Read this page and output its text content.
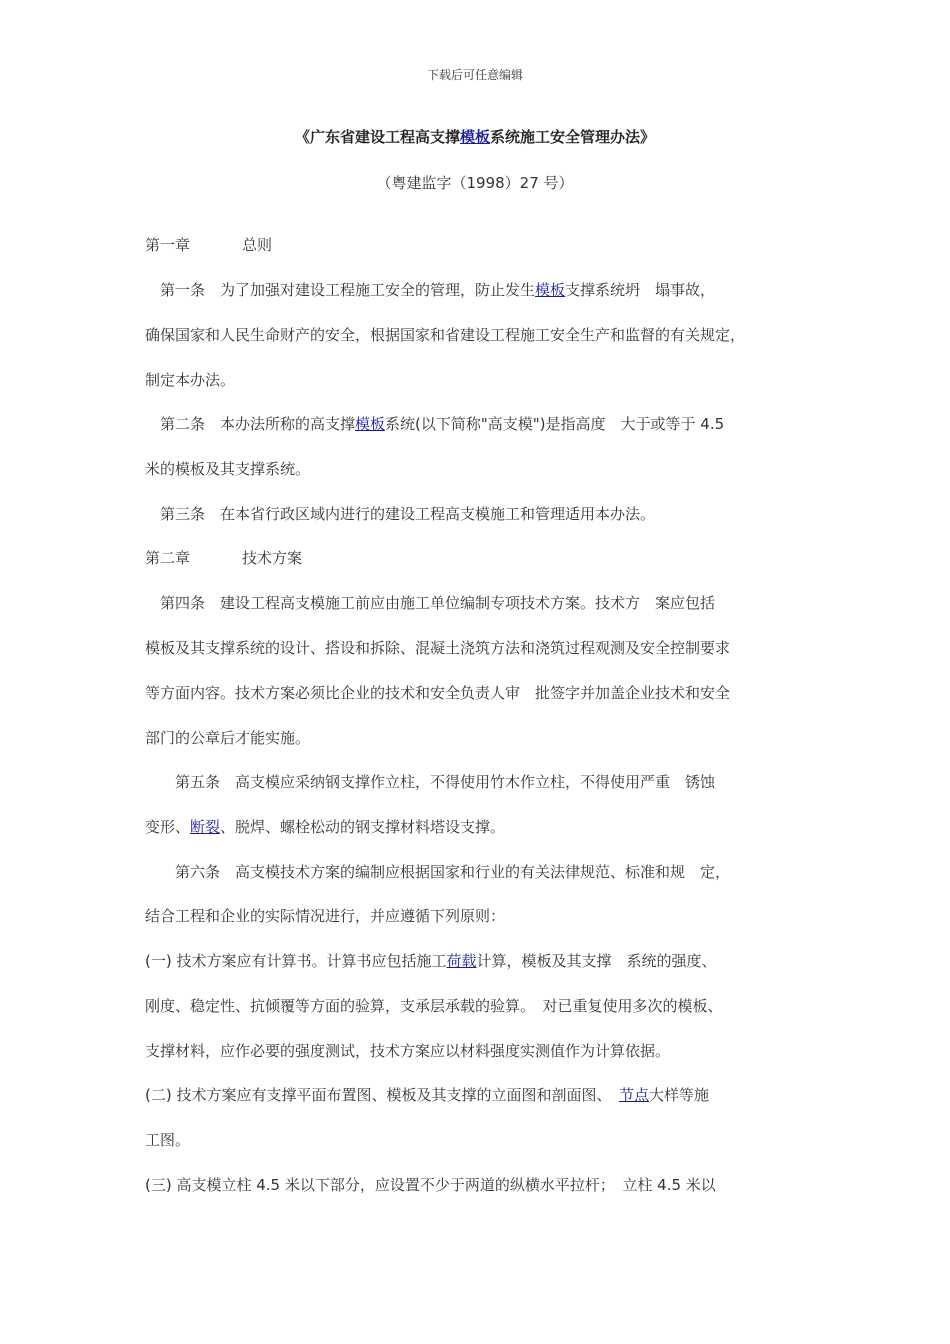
下载后可任意编辑
《广东省建设工程高支撑模板系统施工安全管理办法》
（粤建监字（1998）27 号）
第一章	总则
　第一条　为了加强对建设工程施工安全的管理，防止发生模板支撑系统坍　塌事故，
确保国家和人民生命财产的安全，根据国家和省建设工程施工安全生产和监督的有关规定，
制定本办法。
　第二条　本办法所称的高支撑模板系统(以下简称"高支模")是指高度　大于或等于 4.5
米的模板及其支撑系统。
　第三条　在本省行政区域内进行的建设工程高支模施工和管理适用本办法。
第二章	技术方案
　第四条　建设工程高支模施工前应由施工单位编制专项技术方案。技术方　案应包括
模板及其支撑系统的设计、搭设和拆除、混凝土浇筑方法和浇筑过程观测及安全控制要求
等方面内容。技术方案必须比企业的技术和安全负责人审　批签字并加盖企业技术和安全
部门的公章后才能实施。
　　第五条　高支模应采纳钢支撑作立柱，不得使用竹木作立柱，不得使用严重　锈蚀
变形、断裂、脱焊、螺栓松动的钢支撑材料塔设支撑。
　　第六条　高支模技术方案的编制应根据国家和行业的有关法律规范、标准和规　定，
结合工程和企业的实际情况进行，并应遵循下列原则：
(一) 技术方案应有计算书。计算书应包括施工荷载计算，模板及其支撑　系统的强度、
刚度、稳定性、抗倾覆等方面的验算，支承层承载的验算。　对已重复使用多次的模板、
支撑材料，应作必要的强度测试，技术方案应以材料强度实测值作为计算依据。
(二) 技术方案应有支撑平面布置图、模板及其支撑的立面图和剖面图、　节点大样等施
工图。
(三) 高支模立柱 4.5 米以下部分，应设置不少于两道的纵横水平拉杆；　立柱 4.5 米以
